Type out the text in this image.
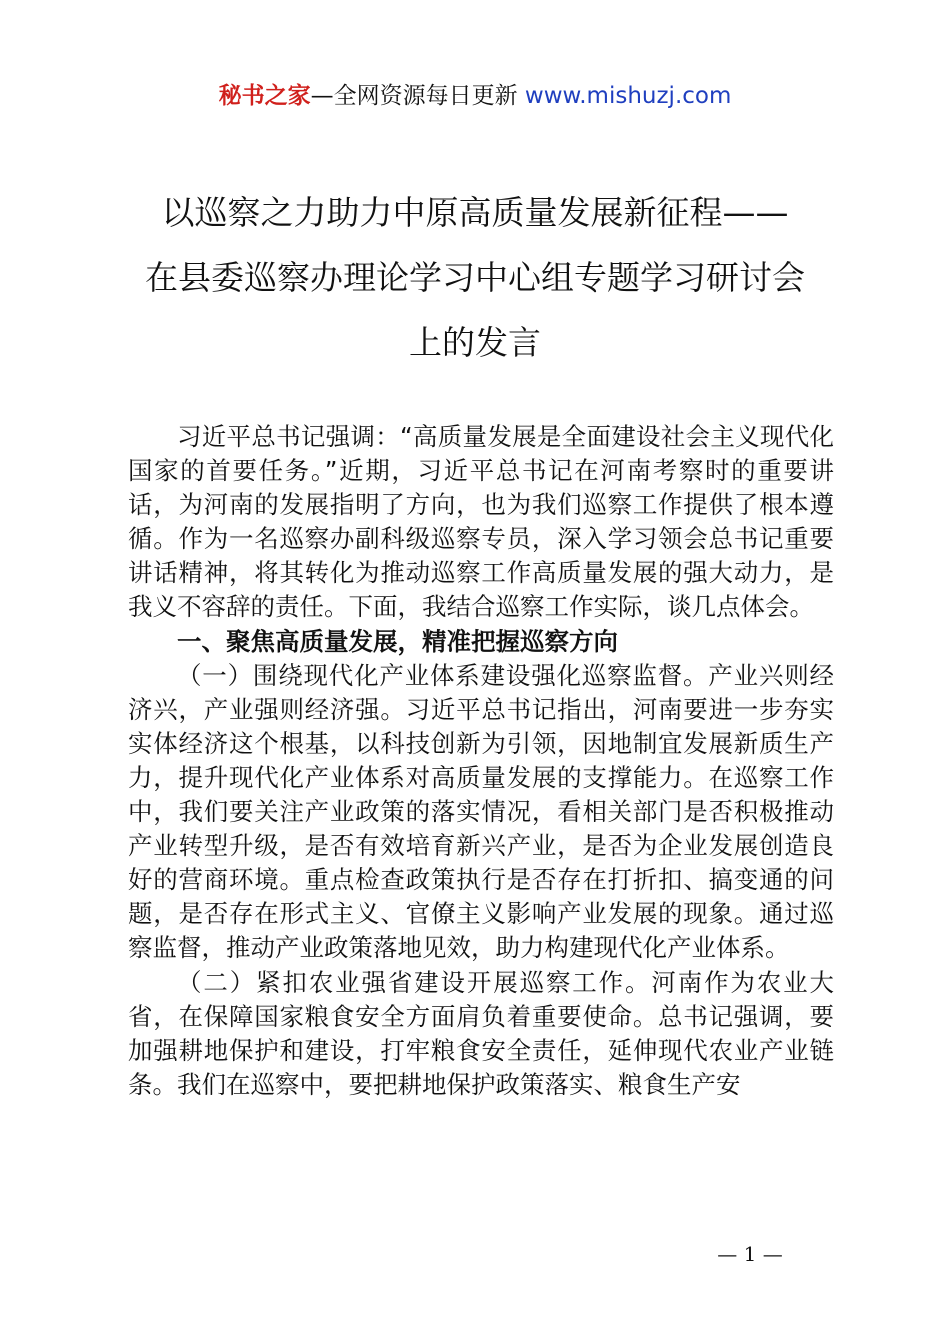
秘书之家—全网资源每日更新 www.mishuzj.com
以巡察之力助力中原高质量发展新征程——
在县委巡察办理论学习中心组专题学习研讨会
上的发言

习近平总书记强调：“高质量发展是全面建设社会主义现代化国家的首要任务。”近期，习近平总书记在河南考察时的重要讲话，为河南的发展指明了方向，也为我们巡察工作提供了根本遵循。作为一名巡察办副科级巡察专员，深入学习领会总书记重要讲话精神，将其转化为推动巡察工作高质量发展的强大动力，是我义不容辞的责任。下面，我结合巡察工作实际，谈几点体会。

一、聚焦高质量发展，精准把握巡察方向

（一）围绕现代化产业体系建设强化巡察监督。产业兴则经济兴，产业强则经济强。习近平总书记指出，河南要进一步夯实实体经济这个根基，以科技创新为引领，因地制宜发展新质生产力，提升现代化产业体系对高质量发展的支撑能力。在巡察工作中，我们要关注产业政策的落实情况，看相关部门是否积极推动产业转型升级，是否有效培育新兴产业，是否为企业发展创造良好的营商环境。重点检查政策执行是否存在打折扣、搞变通的问题，是否存在形式主义、官僚主义影响产业发展的现象。通过巡察监督，推动产业政策落地见效，助力构建现代化产业体系。

（二）紧扣农业强省建设开展巡察工作。河南作为农业大省，在保障国家粮食安全方面肩负着重要使命。总书记强调，要加强耕地保护和建设，打牢粮食安全责任，延伸现代农业产业链条。我们在巡察中，要把耕地保护政策落实、粮食生产安

— 1 —
